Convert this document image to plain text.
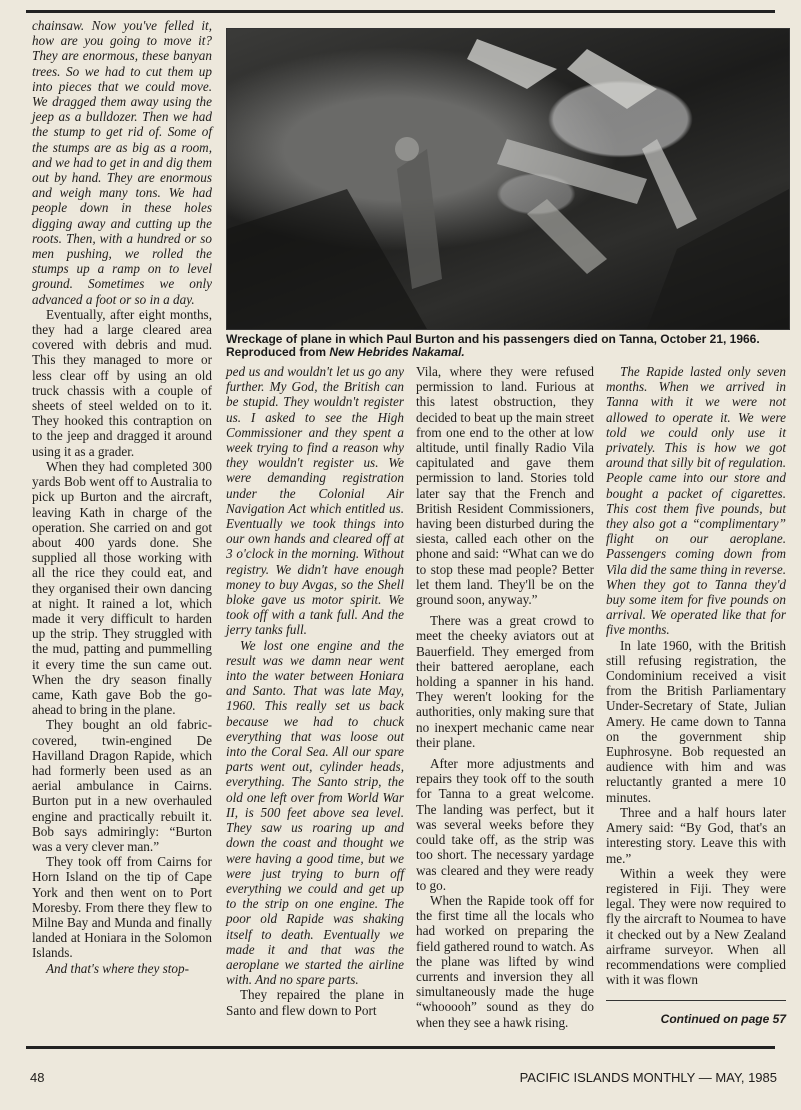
chainsaw. Now you've felled it, how are you going to move it? They are enormous, these banyan trees. So we had to cut them up into pieces that we could move. We dragged them away using the jeep as a bulldozer. Then we had the stump to get rid of. Some of the stumps are as big as a room, and we had to get in and dig them out by hand. They are enormous and weigh many tons. We had people down in these holes digging away and cutting up the roots. Then, with a hundred or so men pushing, we rolled the stumps up a ramp on to level ground. Sometimes we only advanced a foot or so in a day.

Eventually, after eight months, they had a large cleared area covered with debris and mud. This they managed to more or less clear off by using an old truck chassis with a couple of sheets of steel welded on to it. They hooked this contraption on to the jeep and dragged it around using it as a grader.

When they had completed 300 yards Bob went off to Australia to pick up Burton and the aircraft, leaving Kath in charge of the operation. She carried on and got about 400 yards done. She supplied all those working with all the rice they could eat, and they organised their own dancing at night. It rained a lot, which made it very difficult to harden up the strip. They struggled with the mud, patting and pummelling it every time the sun came out. When the dry season finally came, Kath gave Bob the go-ahead to bring in the plane.

They bought an old fabric-covered, twin-engined De Havilland Dragon Rapide, which had formerly been used as an aerial ambulance in Cairns. Burton put in a new overhauled engine and practically rebuilt it. Bob says admiringly: “Burton was a very clever man.”

They took off from Cairns for Horn Island on the tip of Cape York and then went on to Port Moresby. From there they flew to Milne Bay and Munda and finally landed at Honiara in the Solomon Islands.

And that's where they stop-

Wreckage of plane in which Paul Burton and his passengers died on Tanna, October 21, 1966. Reproduced from New Hebrides Nakamal.

ped us and wouldn't let us go any further. My God, the British can be stupid. They wouldn't register us. I asked to see the High Commissioner and they spent a week trying to find a reason why they wouldn't register us. We were demanding registration under the Colonial Air Navigation Act which entitled us. Eventually we took things into our own hands and cleared off at 3 o'clock in the morning. Without registry. We didn't have enough money to buy Avgas, so the Shell bloke gave us motor spirit. We took off with a tank full. And the jerry tanks full.

We lost one engine and the result was we damn near went into the water between Honiara and Santo. That was late May, 1960. This really set us back because we had to chuck everything that was loose out into the Coral Sea. All our spare parts went out, cylinder heads, everything. The Santo strip, the old one left over from World War II, is 500 feet above sea level. They saw us roaring up and down the coast and thought we were having a good time, but we were just trying to burn off everything we could and get up to the strip on one engine. The poor old Rapide was shaking itself to death. Eventually we made it and that was the aeroplane we started the airline with. And no spare parts.

They repaired the plane in Santo and flew down to Port

Vila, where they were refused permission to land. Furious at this latest obstruction, they decided to beat up the main street from one end to the other at low altitude, until finally Radio Vila capitulated and gave them permission to land. Stories told later say that the French and British Resident Commissioners, having been disturbed during the siesta, called each other on the phone and said: “What can we do to stop these mad people? Better let them land. They'll be on the ground soon, anyway.”

There was a great crowd to meet the cheeky aviators out at Bauerfield. They emerged from their battered aeroplane, each holding a spanner in his hand. They weren't looking for the authorities, only making sure that no inexpert mechanic came near their plane.

After more adjustments and repairs they took off to the south for Tanna to a great welcome. The landing was perfect, but it was several weeks before they could take off, as the strip was too short. The necessary yardage was cleared and they were ready to go.

When the Rapide took off for the first time all the locals who had worked on preparing the field gathered round to watch. As the plane was lifted by wind currents and inversion they all simultaneously made the huge “whooooh” sound as they do when they see a hawk rising.

The Rapide lasted only seven months. When we arrived in Tanna with it we were not allowed to operate it. We were told we could only use it privately. This is how we got around that silly bit of regulation. People came into our store and bought a packet of cigarettes. This cost them five pounds, but they also got a “complimentary” flight on our aeroplane. Passengers coming down from Vila did the same thing in reverse. When they got to Tanna they'd buy some item for five pounds on arrival. We operated like that for five months.

In late 1960, with the British still refusing registration, the Condominium received a visit from the British Parliamentary Under-Secretary of State, Julian Amery. He came down to Tanna on the government ship Euphrosyne. Bob requested an audience with him and was reluctantly granted a mere 10 minutes.

Three and a half hours later Amery said: “By God, that's an interesting story. Leave this with me.”

Within a week they were registered in Fiji. They were legal. They were now required to fly the aircraft to Noumea to have it checked out by a New Zealand airframe surveyor. When all recommendations were complied with it was flown

Continued on page 57
48	PACIFIC ISLANDS MONTHLY — MAY, 1985
